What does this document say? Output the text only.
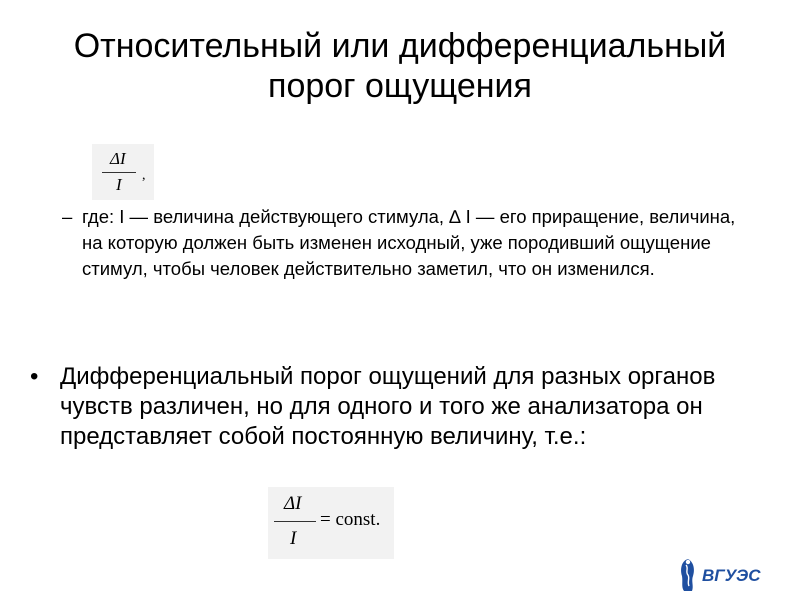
Относительный или дифференциальный
порог ощущения
ΔI
I ,

– где: I — величина действующего стимула, ∆ I — его приращение, величина, на которую должен быть изменен исходный, уже породивший ощущение стимул, чтобы человек действительно заметил, что он изменился.

• Дифференциальный порог ощущений для разных органов чувств различен, но для одного и того же анализатора он представляет собой постоянную величину, т.е.:

ΔI
I
= const.
ВГУЭС
